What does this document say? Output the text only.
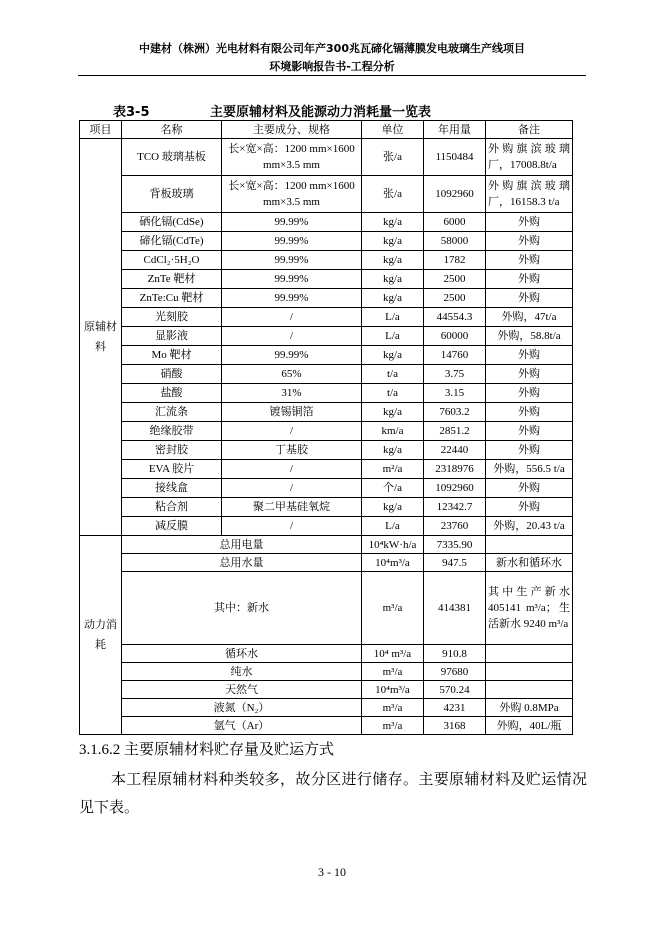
中建材（株洲）光电材料有限公司年产300兆瓦碲化镉薄膜发电玻璃生产线项目
环境影响报告书-工程分析
表3-5	主要原辅材料及能源动力消耗量一览表
项目	名称	主要成分、规格	单位	年用量	备注
原辅材料	TCO 玻璃基板	长×宽×高：1200 mm×1600 mm×3.5 mm	张/a	1150484	外购旗滨玻璃厂，17008.8t/a
	背板玻璃	长×宽×高：1200 mm×1600 mm×3.5 mm	张/a	1092960	外购旗滨玻璃厂，16158.3 t/a
	硒化镉(CdSe)	99.99%	kg/a	6000	外购
	碲化镉(CdTe)	99.99%	kg/a	58000	外购
	CdCl₂·5H₂O	99.99%	kg/a	1782	外购
	ZnTe 靶材	99.99%	kg/a	2500	外购
	ZnTe:Cu 靶材	99.99%	kg/a	2500	外购
	光刻胶	/	L/a	44554.3	外购，47t/a
	显影液	/	L/a	60000	外购，58.8t/a
	Mo 靶材	99.99%	kg/a	14760	外购
	硝酸	65%	t/a	3.75	外购
	盐酸	31%	t/a	3.15	外购
	汇流条	镀锡铜箔	kg/a	7603.2	外购
	绝缘胶带	/	km/a	2851.2	外购
	密封胶	丁基胶	kg/a	22440	外购
	EVA 胶片	/	m²/a	2318976	外购，556.5 t/a
	接线盒	/	个/a	1092960	外购
	粘合剂	聚二甲基硅氧烷	kg/a	12342.7	外购
	减反膜	/	L/a	23760	外购，20.43 t/a
动力消耗	总用电量		10⁴kW·h/a	7335.90	
	总用水量		10⁴m³/a	947.5	新水和循环水
	其中：新水		m³/a	414381	其中生产新水405141 m³/a；生活新水 9240 m³/a
	循环水		10⁴ m³/a	910.8	
	纯水		m³/a	97680	
	天然气		10⁴m³/a	570.24	
	液氮（N₂）		m³/a	4231	外购 0.8MPa
	氩气（Ar）		m³/a	3168	外购，40L/瓶
3.1.6.2 主要原辅材料贮存量及贮运方式
本工程原辅材料种类较多，故分区进行储存。主要原辅材料及贮运情况见下表。
3 - 10
